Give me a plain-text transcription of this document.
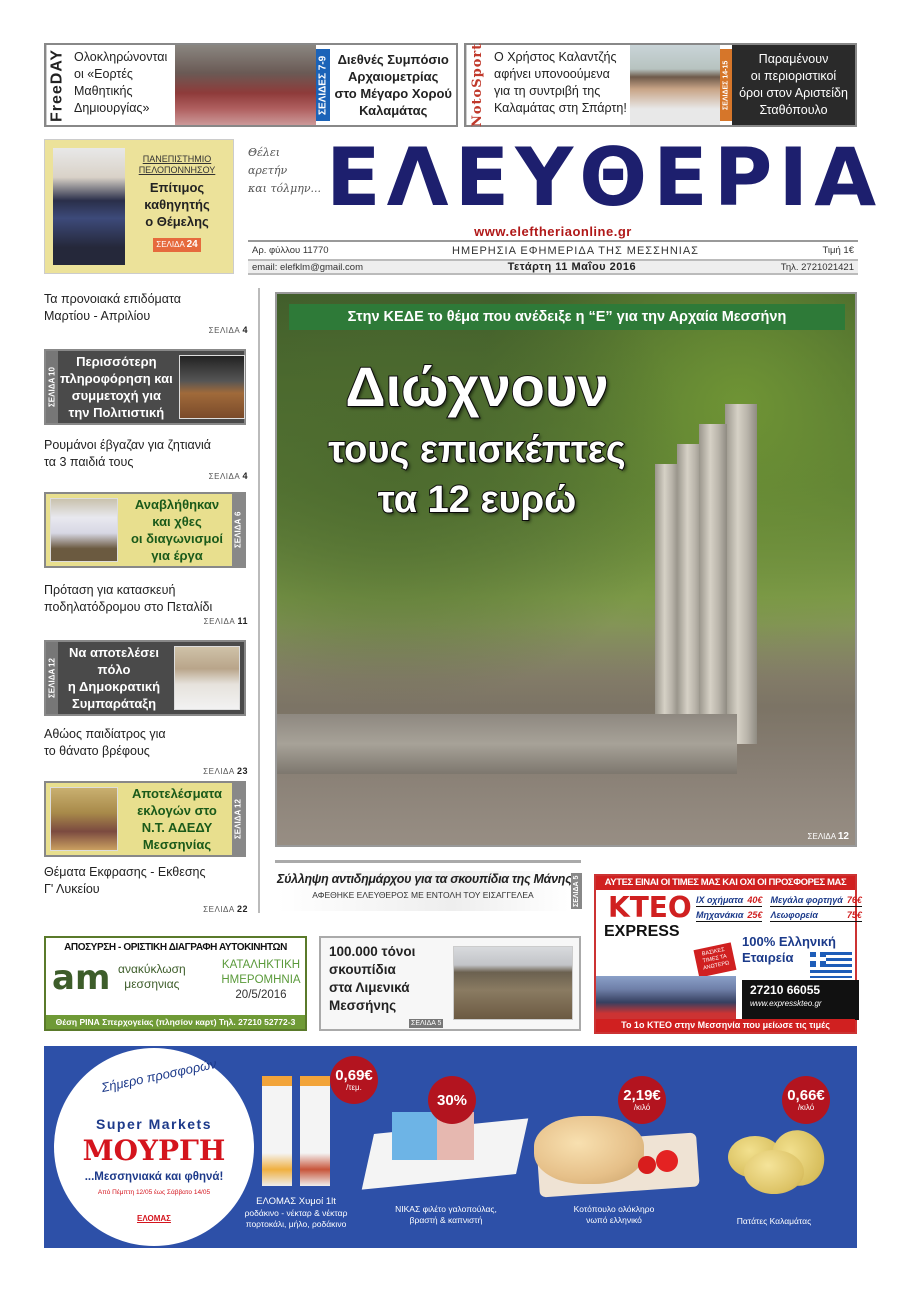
FreeDAY Ολοκληρώνονται
οι «Εορτές
Μαθητικής
Δημιουργίας»	ΣΕΛΙΔΕΣ 7-9 Διεθνές Συμπόσιο
Αρχαιομετρίας
στο Μέγαρο Χορού
Καλαμάτας	NotoSport Ο Χρήστος Καλαντζής
αφήνει υπονοούμενα
για τη συντριβή της
Καλαμάτας στη Σπάρτη!	ΣΕΛΙΔΕΣ 14-15
Παραμένουν
οι περιοριστικοί
όροι στον Αριστείδη
Σταθόπουλο
ΠΑΝΕΠΙΣΤΗΜΙΟ
ΠΕΛΟΠΟΝΝΗΣΟΥ
Επίτιμος
καθηγητής
ο Θέμελης
ΣΕΛΙΔΑ 24
Θέλει
αρετήν
και τόλμην... ΕΛΕΥΘΕΡΙΑ
www.eleftheriaonline.gr
Αρ. φύλλου 11770	ΗΜΕΡΗΣΙΑ ΕΦΗΜΕΡΙΔΑ ΤΗΣ ΜΕΣΣΗΝΙΑΣ	Τιμή 1€
email: elefklm@gmail.com	Τετάρτη 11 Μαΐου 2016	Τηλ. 2721021421
Τα προνοιακά επιδόματα
Μαρτίου - Απριλίου
ΣΕΛΙΔΑ 4
ΣΕΛΙΔΑ

10
Περισσότερη
πληροφόρηση και
συμμετοχή για
την Πολιτιστική
Ρουμάνοι έβγαζαν για ζητιανιά
τα 3 παιδιά τους
ΣΕΛΙΔΑ 4
Αναβλήθηκαν
και χθες
οι διαγωνισμοί
για έργα
ΣΕΛΙΔΑ

6
Πρόταση για κατασκευή
ποδηλατόδρομου στο Πεταλίδι
ΣΕΛΙΔΑ 11
ΣΕΛΙΔΑ

12
Να αποτελέσει
πόλο
η Δημοκρατική
Συμπαράταξη
Αθώος παιδίατρος για
το θάνατο βρέφους
ΣΕΛΙΔΑ 23
Αποτελέσματα
εκλογών στο
Ν.Τ. ΑΔΕΔΥ
Μεσσηνίας
ΣΕΛΙΔΑ

12
Θέματα Εκφρασης - Εκθεσης
Γ' Λυκείου
ΣΕΛΙΔΑ 22
Στην ΚΕΔΕ το θέμα που ανέδειξε η “Ε” για την Αρχαία Μεσσήνη
Διώχνουν
τους επισκέπτες
τα 12 ευρώ
ΣΕΛΙΔΑ 12
Σύλληψη αντιδημάρχου για τα σκουπίδια της Μάνης
ΑΦΕΘΗΚΕ ΕΛΕΥΘΕΡΟΣ ΜΕ ΕΝΤΟΛΗ ΤΟΥ ΕΙΣΑΓΓΕΛΕΑ	ΣΕΛΙΔΑ 5	ΑΥΤΕΣ ΕΙΝΑΙ ΟΙ ΤΙΜΕΣ ΜΑΣ ΚΑΙ ΟΧΙ ΟΙ ΠΡΟΣΦΟΡΕΣ ΜΑΣ
ΚΤΕΟ
EXPRESS
IX οχήματα 40€ Μεγάλα φορτηγά 76€
Μηχανάκια 25€ Λεωφορεία	75€
ΒΑΣΙΚΕΣ ΤΙΜΕΣ ΤΑ ΑΝΩΤΕΡΩ
100% Ελληνική
Εταιρεία
27210 66055
www.expresskteo.gr
Το 1ο ΚΤΕΟ στην Μεσσηνία που μείωσε τις τιμές
ΑΠΟΣΥΡΣΗ - ΟΡΙΣΤΙΚΗ ΔΙΑΓΡΑΦΗ ΑΥΤΟΚΙΝΗΤΩΝ
am ανακύκλωση
μεσσηνιας
ΚΑΤΑΛΗΚΤΙΚΗ
ΗΜΕΡΟΜΗΝΙΑ
20/5/2016
Θέση ΡΙΝΑ Σπερχογείας (πλησίον καρτ) Τηλ. 27210 52772-3
100.000 τόνοι
σκουπίδια
στα Λιμενικά
Μεσσήνης
ΣΕΛΙΔΑ 5
Σήμερο προσφορών
Super Markets
ΜΟΥΡΓΗ
...Μεσσηνιακά και φθηνά!
Από Πέμπτη 12/05 έως Σάββατο 14/05
ΕΛΟΜΑΣ
0,69€
/τεμ.
ΕΛΟΜΑΣ Χυμοί 1lt
ροδάκινο - νέκταρ & νέκταρ
πορτοκάλι, μήλο, ροδάκινο
30%
ΝΙΚΑΣ φιλέτο γαλοπούλας,
βραστή & καπνιστή
2,19€
/κιλό
Κοτόπουλο ολόκληρο
νωπό ελληνικό
0,66€
/κιλό
Πατάτες Καλαμάτας
